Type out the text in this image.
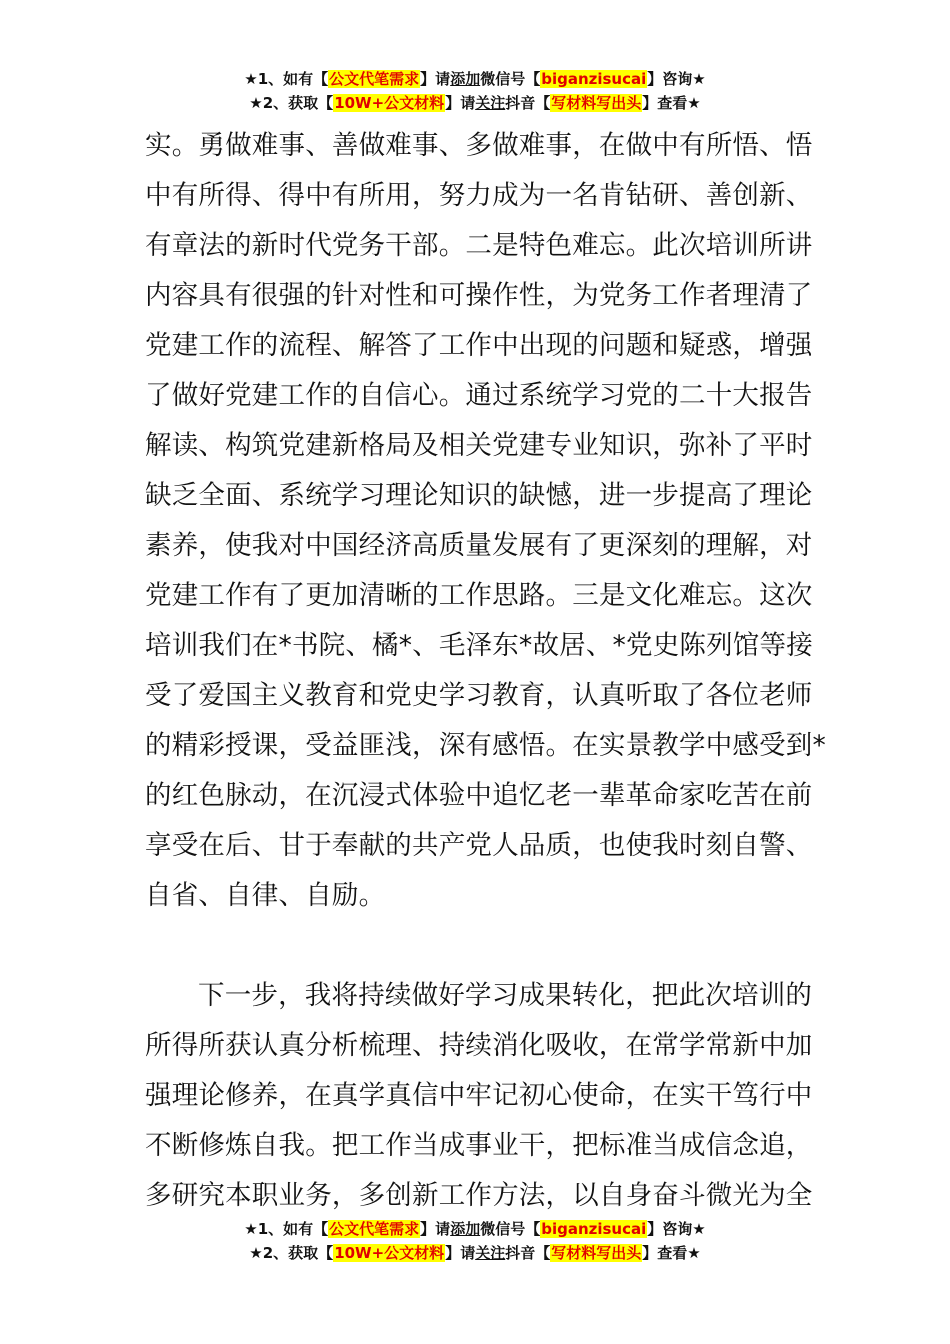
★1、如有【公文代笔需求】请添加微信号【biganzisucai】咨询★
★2、获取【10W+公文材料】请关注抖音【写材料写出头】查看★
实。勇做难事、善做难事、多做难事，在做中有所悟、悟
中有所得、得中有所用，努力成为一名肯钻研、善创新、
有章法的新时代党务干部。二是特色难忘。此次培训所讲
内容具有很强的针对性和可操作性，为党务工作者理清了
党建工作的流程、解答了工作中出现的问题和疑惑，增强
了做好党建工作的自信心。通过系统学习党的二十大报告
解读、构筑党建新格局及相关党建专业知识，弥补了平时
缺乏全面、系统学习理论知识的缺憾，进一步提高了理论
素养，使我对中国经济高质量发展有了更深刻的理解，对
党建工作有了更加清晰的工作思路。三是文化难忘。这次
培训我们在*书院、橘*、毛泽东*故居、*党史陈列馆等接
受了爱国主义教育和党史学习教育，认真听取了各位老师
的精彩授课，受益匪浅，深有感悟。在实景教学中感受到*
的红色脉动，在沉浸式体验中追忆老一辈革命家吃苦在前
享受在后、甘于奉献的共产党人品质，也使我时刻自警、
自省、自律、自励。
下一步，我将持续做好学习成果转化，把此次培训的
所得所获认真分析梳理、持续消化吸收，在常学常新中加
强理论修养，在真学真信中牢记初心使命，在实干笃行中
不断修炼自我。把工作当成事业干，把标准当成信念追，
多研究本职业务，多创新工作方法，以自身奋斗微光为全
★1、如有【公文代笔需求】请添加微信号【biganzisucai】咨询★
★2、获取【10W+公文材料】请关注抖音【写材料写出头】查看★
